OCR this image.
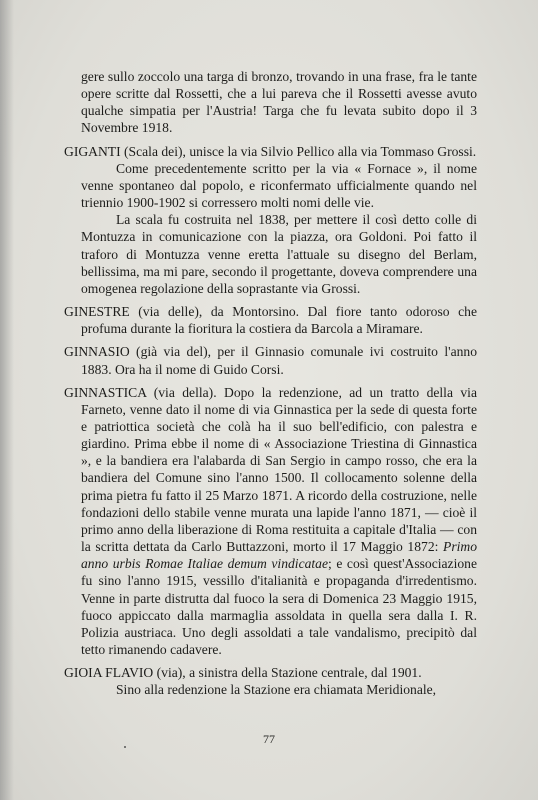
gere sullo zoccolo una targa di bronzo, trovando in una frase, fra le tante opere scritte dal Rossetti, che a lui pareva che il Rossetti avesse avuto qualche simpatia per l'Austria! Targa che fu levata subito dopo il 3 Novembre 1918.

GIGANTI (Scala dei), unisce la via Silvio Pellico alla via Tommaso Grossi.

Come precedentemente scritto per la via « Fornace », il nome venne spontaneo dal popolo, e riconfermato ufficialmente quando nel triennio 1900-1902 si corressero molti nomi delle vie.

La scala fu costruita nel 1838, per mettere il così detto colle di Montuzza in comunicazione con la piazza, ora Goldoni. Poi fatto il traforo di Montuzza venne eretta l'attuale su disegno del Berlam, bellissima, ma mi pare, secondo il progettante, doveva comprendere una omogenea regolazione della soprastante via Grossi.

GINESTRE (via delle), da Montorsino. Dal fiore tanto odoroso che profuma durante la fioritura la costiera da Barcola a Miramare.

GINNASIO (già via del), per il Ginnasio comunale ivi costruito l'anno 1883. Ora ha il nome di Guido Corsi.

GINNASTICA (via della). Dopo la redenzione, ad un tratto della via Farneto, venne dato il nome di via Ginnastica per la sede di questa forte e patriottica società che colà ha il suo bell'edificio, con palestra e giardino. Prima ebbe il nome di « Associazione Triestina di Ginnastica », e la bandiera era l'alabarda di San Sergio in campo rosso, che era la bandiera del Comune sino l'anno 1500. Il collocamento solenne della prima pietra fu fatto il 25 Marzo 1871. A ricordo della costruzione, nelle fondazioni dello stabile venne murata una lapide l'anno 1871, — cioè il primo anno della liberazione di Roma restituita a capitale d'Italia — con la scritta dettata da Carlo Buttazzoni, morto il 17 Maggio 1872: Primo anno urbis Romae Italiae demum vindicatae; e così quest'Associazione fu sino l'anno 1915, vessillo d'italianità e propaganda d'irredentismo. Venne in parte distrutta dal fuoco la sera di Domenica 23 Maggio 1915, fuoco appiccato dalla marmaglia assoldata in quella sera dalla I. R. Polizia austriaca. Uno degli assoldati a tale vandalismo, precipitò dal tetto rimanendo cadavere.

GIOIA FLAVIO (via), a sinistra della Stazione centrale, dal 1901.

Sino alla redenzione la Stazione era chiamata Meridionale,

77
